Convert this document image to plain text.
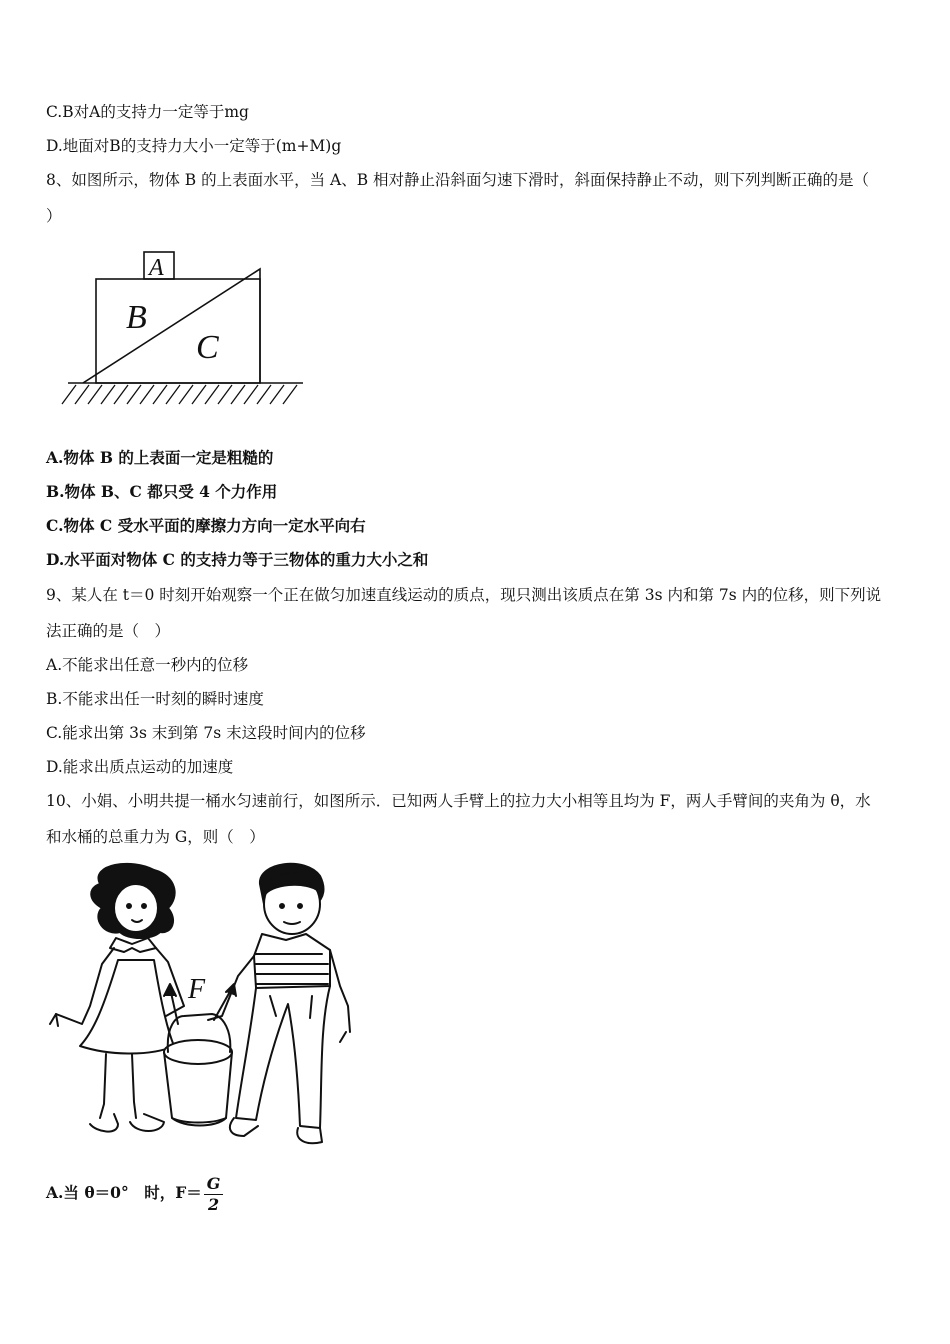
C.B对A的支持力一定等于mg
D.地面对B的支持力大小一定等于(m+M)g
8、如图所示，物体 B 的上表面水平，当 A、B 相对静止沿斜面匀速下滑时，斜面保持静止不动，则下列判断正确的是（
）
A
B
C
A.物体 B 的上表面一定是粗糙的
B.物体 B、C 都只受 4 个力作用
C.物体 C 受水平面的摩擦力方向一定水平向右
D.水平面对物体 C 的支持力等于三物体的重力大小之和
9、某人在 t＝0 时刻开始观察一个正在做匀加速直线运动的质点，现只测出该质点在第 3s 内和第 7s 内的位移，则下列说
法正确的是（　）
A.不能求出任意一秒内的位移
B.不能求出任一时刻的瞬时速度
C.能求出第 3s 末到第 7s 末这段时间内的位移
D.能求出质点运动的加速度
10、小娟、小明共提一桶水匀速前行，如图所示．已知两人手臂上的拉力大小相等且均为 F，两人手臂间的夹角为 θ，水
和水桶的总重力为 G，则（　）
F
A.当 θ＝0°　时，$F= \frac{G}{2}$
